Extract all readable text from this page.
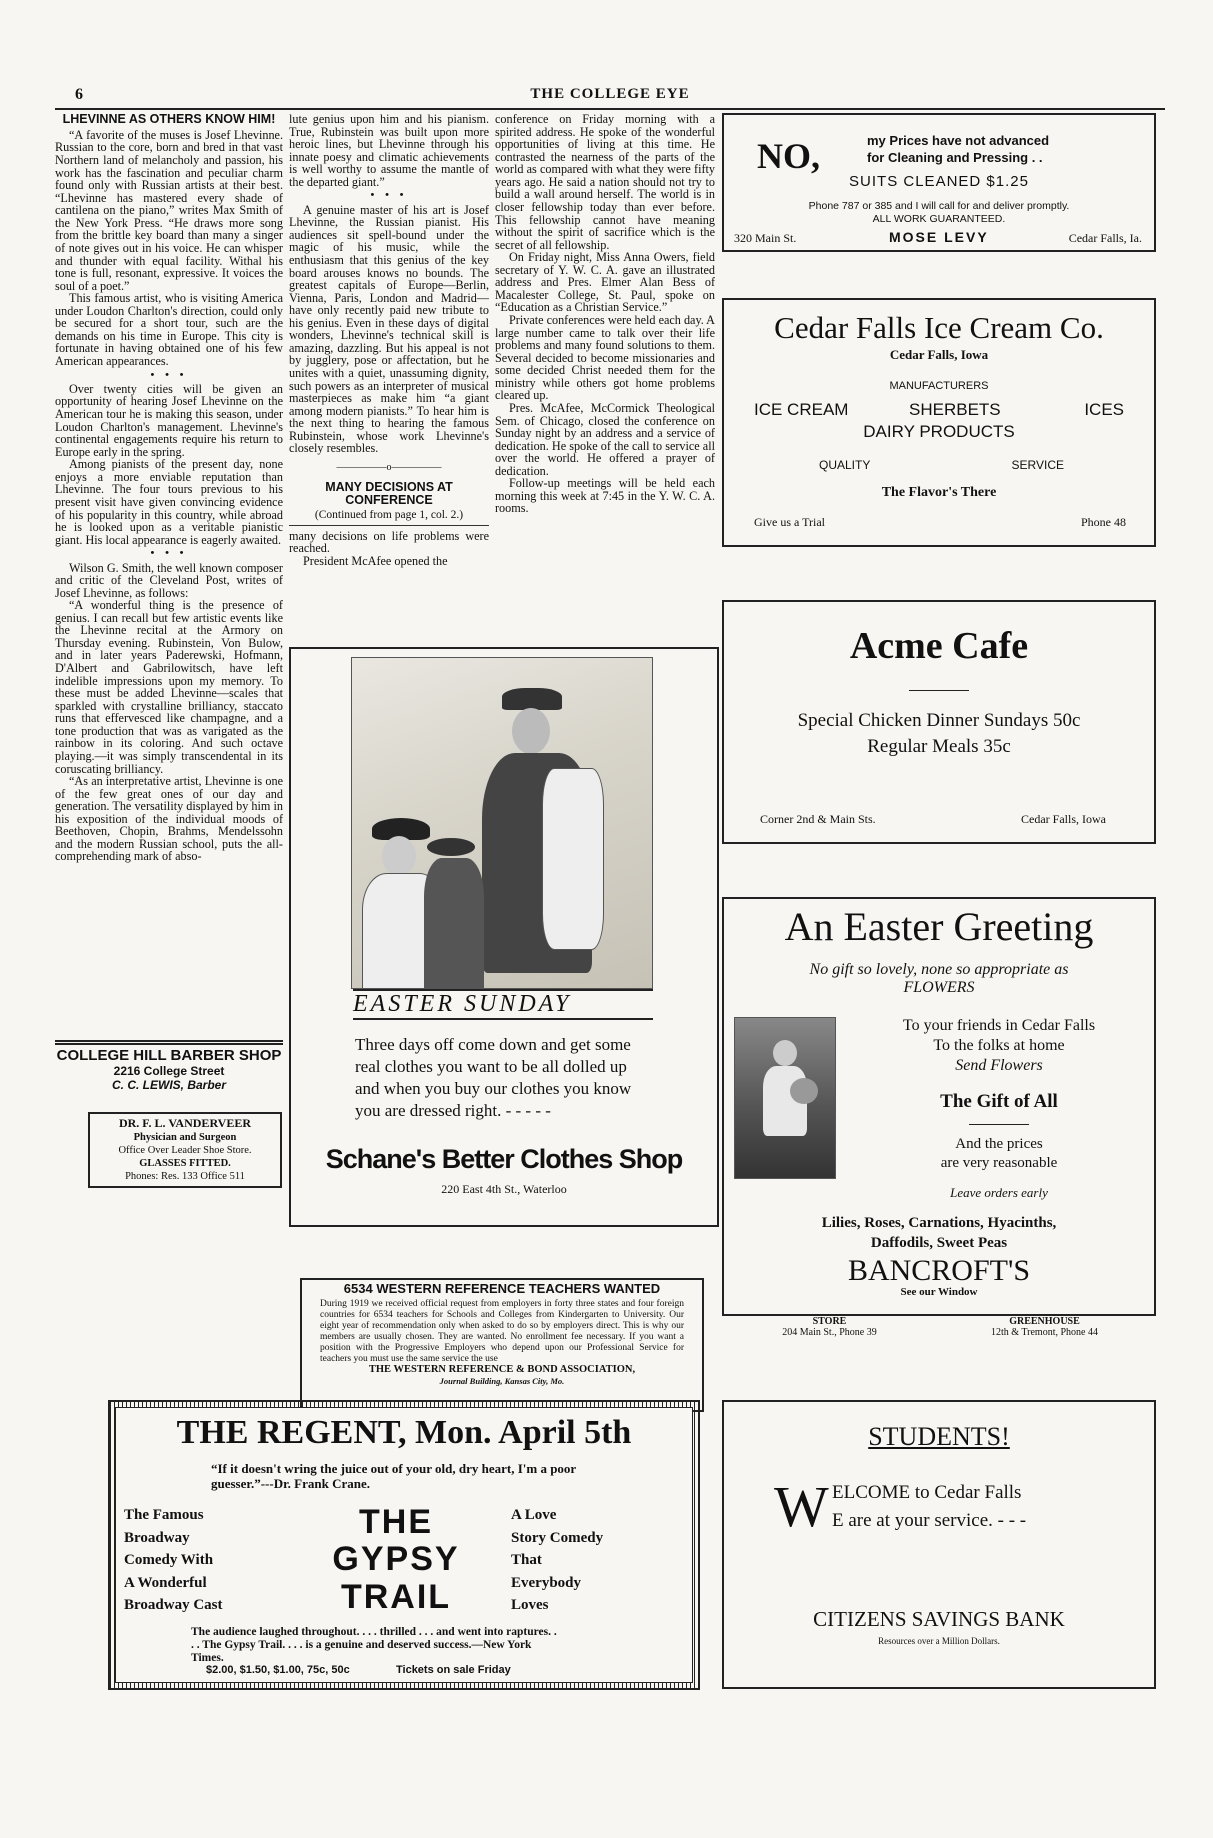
6	THE COLLEGE EYE
LHEVINNE AS OTHERS KNOW HIM!

“A favorite of the muses is Josef Lhevinne. Russian to the core, born and bred in that vast Northern land of melancholy and passion, his work has the fascination and peculiar charm found only with Russian artists at their best. “Lhevinne has mastered every shade of cantilena on the piano,” writes Max Smith of the New York Press. “He draws more song from the brittle key board than many a singer of note gives out in his voice. He can whisper and thunder with equal facility. Withal his tone is full, resonant, expressive. It voices the soul of a poet.”

This famous artist, who is visiting America under Loudon Charlton's direction, could only be secured for a short tour, such are the demands on his time in Europe. This city is fortunate in having obtained one of his few American appearances.

• • •

Over twenty cities will be given an opportunity of hearing Josef Lhevinne on the American tour he is making this season, under Loudon Charlton's management. Lhevinne's continental engagements require his return to Europe early in the spring.

Among pianists of the present day, none enjoys a more enviable reputation than Lhevinne. The four tours previous to his present visit have given convincing evidence of his popularity in this country, while abroad he is looked upon as a veritable pianistic giant. His local appearance is eagerly awaited.

• • •

Wilson G. Smith, the well known composer and critic of the Cleveland Post, writes of Josef Lhevinne, as follows:

“A wonderful thing is the presence of genius. I can recall but few artistic events like the Lhevinne recital at the Armory on Thursday evening. Rubinstein, Von Bulow, and in later years Paderewski, Hofmann, D'Albert and Gabrilowitsch, have left indelible impressions upon my memory. To these must be added Lhevinne—scales that sparkled with crystalline brilliancy, staccato runs that effervesced like champagne, and a tone production that was as varigated as the rainbow in its coloring. And such octave playing.—it was simply transcendental in its coruscating brilliancy.

“As an interpretative artist, Lhevinne is one of the few great ones of our day and generation. The versatility displayed by him in his exposition of the individual moods of Beethoven, Chopin, Brahms, Mendelssohn and the modern Russian school, puts the all-comprehending mark of abso-

COLLEGE HILL BARBER SHOP
2216 College Street
C. C. LEWIS, Barber
DR. F. L. VANDERVEER
Physician and Surgeon
Office Over Leader Shoe Store.
GLASSES FITTED.
Phones: Res. 133 Office 511

lute genius upon him and his pianism. True, Rubinstein was built upon more heroic lines, but Lhevinne through his innate poesy and climatic achievements is well worthy to assume the mantle of the departed giant.”

• • •

A genuine master of his art is Josef Lhevinne, the Russian pianist. His audiences sit spell-bound under the magic of his music, while the enthusiasm that this genius of the key board arouses knows no bounds. The greatest capitals of Europe—Berlin, Vienna, Paris, London and Madrid—have only recently paid new tribute to his genius. Even in these days of digital wonders, Lhevinne's technical skill is amazing, dazzling. But his appeal is not by jugglery, pose or affectation, but he unites with a quiet, unassuming dignity, such powers as an interpreter of musical masterpieces as make him “a giant among modern pianists.” To hear him is the next thing to hearing the famous Rubinstein, whose work Lhevinne's closely resembles.

—————o—————
MANY DECISIONS AT CONFERENCE
(Continued from page 1, col. 2.)

many decisions on life problems were reached.

President McAfee opened the

conference on Friday morning with a spirited address. He spoke of the wonderful opportunities of living at this time. He contrasted the nearness of the parts of the world as compared with what they were fifty years ago. He said a nation should not try to build a wall around herself. The world is in closer fellowship today than ever before. This fellowship cannot have meaning without the spirit of sacrifice which is the secret of all fellowship.

On Friday night, Miss Anna Owers, field secretary of Y. W. C. A. gave an illustrated address and Pres. Elmer Alan Bess of Macalester College, St. Paul, spoke on “Education as a Christian Service.”

Private conferences were held each day. A large number came to talk over their life problems and many found solutions to them. Several decided to become missionaries and some decided Christ needed them for the ministry while others got home problems cleared up.

Pres. McAfee, McCormick Theological Sem. of Chicago, closed the conference on Sunday night by an address and a service of dedication. He spoke of the call to service all over the world. He offered a prayer of dedication.

Follow-up meetings will be held each morning this week at 7:45 in the Y. W. C. A. rooms.

EASTER SUNDAY
Three days off come down and get some real clothes you want to be all dolled up and when you buy our clothes you know you are dressed right. - - - - -
Schane's Better Clothes Shop
220 East 4th St., Waterloo
6534 WESTERN REFERENCE TEACHERS WANTED
During 1919 we received official request from employers in forty three states and four foreign countries for 6534 teachers for Schools and Colleges from Kindergarten to University. Our eight year of recommendation only when asked to do so by employers direct. This is why our members are usually chosen. They are wanted. No enrollment fee necessary. If you want a position with the Progressive Employers who depend upon our Professional Service for teachers you must use the same service the use
THE WESTERN REFERENCE & BOND ASSOCIATION,
Journal Building, Kansas City, Mo.
NO,	my Prices have not advanced
for Cleaning and Pressing . .
SUITS CLEANED $1.25
Phone 787 or 385 and I will call for and deliver promptly.
ALL WORK GUARANTEED.
320 Main St.	MOSE LEVY	Cedar Falls, Ia.
Cedar Falls Ice Cream Co.
Cedar Falls, Iowa
MANUFACTURERS
ICE CREAM	SHERBETS	ICES
DAIRY PRODUCTS
QUALITY	SERVICE
The Flavor's There
Give us a Trial	Phone 48
Acme Cafe
Special Chicken Dinner Sundays 50c
Regular Meals 35c
Corner 2nd & Main Sts.	Cedar Falls, Iowa
An Easter Greeting
No gift so lovely, none so appropriate as FLOWERS
To your friends in Cedar Falls
To the folks at home
Send Flowers
The Gift of All
And the prices
are very reasonable
Leave orders early
Lilies, Roses, Carnations, Hyacinths,
Daffodils, Sweet Peas
BANCROFT'S
See our Window
STORE
204 Main St., Phone 39
GREENHOUSE
12th & Tremont, Phone 44
THE REGENT, Mon. April 5th
“If it doesn't wring the juice out of your old, dry heart, I'm a poor guesser.”---Dr. Frank Crane.
The Famous
Broadway
Comedy With
A Wonderful
Broadway Cast
THE
GYPSY
TRAIL
A Love
Story Comedy
That
Everybody
Loves
The audience laughed throughout. . . . thrilled . . . and went into raptures. . . . The Gypsy Trail. . . . is a genuine and deserved success.—New York Times.
$2.00, $1.50, $1.00, 75c, 50c	Tickets on sale Friday
STUDENTS!
W ELCOME to Cedar Falls
E are at your service. - - -
CITIZENS SAVINGS BANK
Resources over a Million Dollars.
